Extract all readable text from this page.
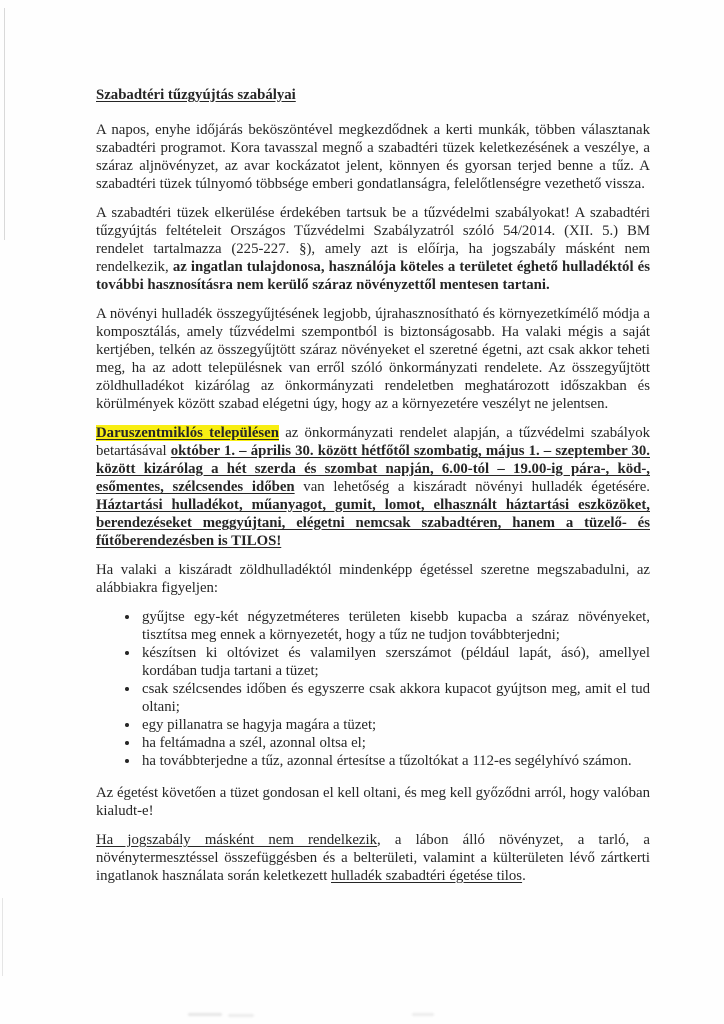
Szabadtéri tűzgyújtás szabályai

A napos, enyhe időjárás beköszöntével megkezdődnek a kerti munkák, többen választanak szabadtéri programot. Kora tavasszal megnő a szabadtéri tüzek keletkezésének a veszélye, a száraz aljnövényzet, az avar kockázatot jelent, könnyen és gyorsan terjed benne a tűz. A szabadtéri tüzek túlnyomó többsége emberi gondatlanságra, felelőtlenségre vezethető vissza.

A szabadtéri tüzek elkerülése érdekében tartsuk be a tűzvédelmi szabályokat! A szabadtéri tűzgyújtás feltételeit Országos Tűzvédelmi Szabályzatról szóló 54/2014. (XII. 5.) BM rendelet tartalmazza (225-227. §), amely azt is előírja, ha jogszabály másként nem rendelkezik, az ingatlan tulajdonosa, használója köteles a területet éghető hulladéktól és további hasznosításra nem kerülő száraz növényzettől mentesen tartani.

A növényi hulladék összegyűjtésének legjobb, újrahasznosítható és környezetkímélő módja a komposztálás, amely tűzvédelmi szempontból is biztonságosabb. Ha valaki mégis a saját kertjében, telkén az összegyűjtött száraz növényeket el szeretné égetni, azt csak akkor teheti meg, ha az adott településnek van erről szóló önkormányzati rendelete. Az összegyűjtött zöldhulladékot kizárólag az önkormányzati rendeletben meghatározott időszakban és körülmények között szabad elégetni úgy, hogy az a környezetére veszélyt ne jelentsen.

Daruszentmiklós településen az önkormányzati rendelet alapján, a tűzvédelmi szabályok betartásával október 1. – április 30. között hétfőtől szombatig, május 1. – szeptember 30. között kizárólag a hét szerda és szombat napján, 6.00-tól – 19.00-ig pára-, köd-, esőmentes, szélcsendes időben van lehetőség a kiszáradt növényi hulladék égetésére. Háztartási hulladékot, műanyagot, gumit, lomot, elhasznált háztartási eszközöket, berendezéseket meggyújtani, elégetni nemcsak szabadtéren, hanem a tüzelő- és fűtőberendezésben is TILOS!

Ha valaki a kiszáradt zöldhulladéktól mindenképp égetéssel szeretne megszabadulni, az alábbiakra figyeljen:

• gyűjtse egy-két négyzetméteres területen kisebb kupacba a száraz növényeket, tisztítsa meg ennek a környezetét, hogy a tűz ne tudjon továbbterjedni;
• készítsen ki oltóvizet és valamilyen szerszámot (például lapát, ásó), amellyel kordában tudja tartani a tüzet;
• csak szélcsendes időben és egyszerre csak akkora kupacot gyújtson meg, amit el tud oltani;
• egy pillanatra se hagyja magára a tüzet;
• ha feltámadna a szél, azonnal oltsa el;
• ha továbbterjedne a tűz, azonnal értesítse a tűzoltókat a 112-es segélyhívó számon.

Az égetést követően a tüzet gondosan el kell oltani, és meg kell győződni arról, hogy valóban kialudt-e!

Ha jogszabály másként nem rendelkezik, a lábon álló növényzet, a tarló, a növénytermesztéssel összefüggésben és a belterületi, valamint a külterületen lévő zártkerti ingatlanok használata során keletkezett hulladék szabadtéri égetése tilos.
